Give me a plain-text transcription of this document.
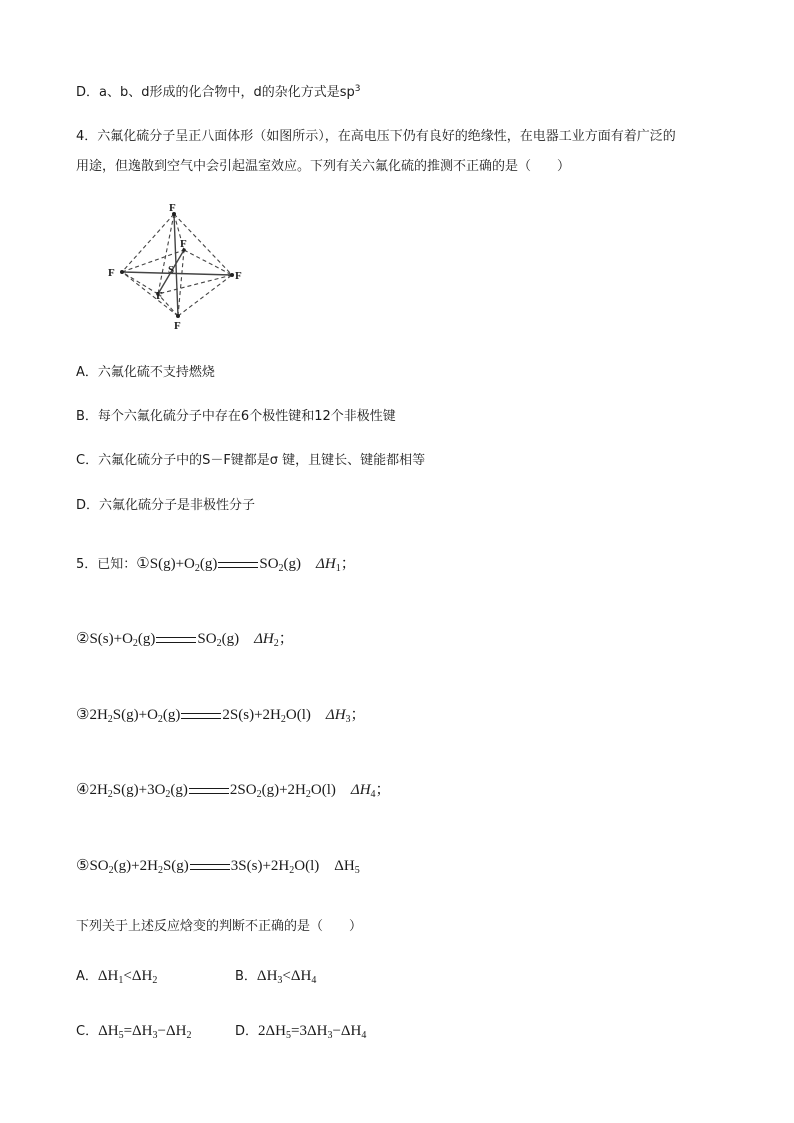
D．a、b、d形成的化合物中，d的杂化方式是$sp^3$
4．六氟化硫分子呈正八面体形（如图所示），在高电压下仍有良好的绝缘性，在电器工业方面有着广泛的
用途，但逸散到空气中会引起温室效应。下列有关六氟化硫的推测不正确的是（　　）
F
F
F	F
F
F
S
A．六氟化硫不支持燃烧
B．每个六氟化硫分子中存在6个极性键和12个非极性键
C．六氟化硫分子中的S－F键都是σ 键，且键长、键能都相等
D．六氟化硫分子是非极性分子
5．已知：$①S(g)+O_2(g)$	$SO_2(g)$ $\Delta H_1$；
$②S(s)+O_2(g)$	$SO_2(g)$ $\Delta H_2$；
$③2H_2S(g)+O_2(g)$	$2S(s)+2H_2O(l)$ $\Delta H_3$；
$④2H_2S(g)+3O_2(g)$	$2SO_2(g)+2H_2O(l)$ $\Delta H_4$；
$⑤SO_2(g)+2H_2S(g)$	$3S(s)+2H_2O(l)$ $\Delta H_5$
下列关于上述反应焓变的判断不正确的是（　　）
A．$\Delta H_1<\Delta H_2$	B．$\Delta H_3<\Delta H_4$
C．$\Delta H_5=\Delta H_3-\Delta H_2$	D．$2\Delta H_5=3\Delta H_3-\Delta H_4$
